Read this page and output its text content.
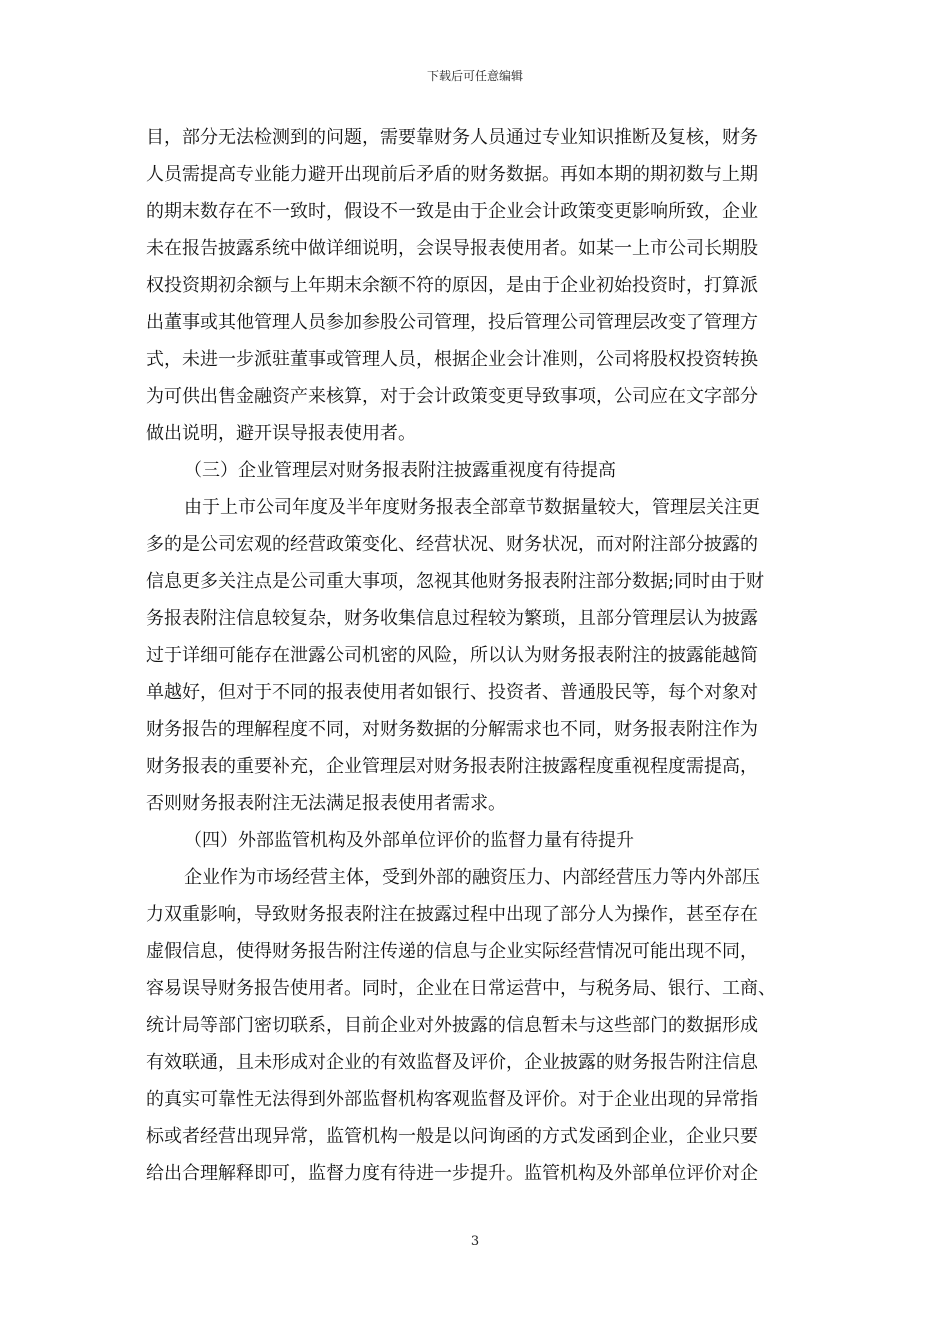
下载后可任意编辑
目，部分无法检测到的问题，需要靠财务人员通过专业知识推断及复核，财务
人员需提高专业能力避开出现前后矛盾的财务数据。再如本期的期初数与上期
的期末数存在不一致时，假设不一致是由于企业会计政策变更影响所致，企业
未在报告披露系统中做详细说明，会误导报表使用者。如某一上市公司长期股
权投资期初余额与上年期末余额不符的原因，是由于企业初始投资时，打算派
出董事或其他管理人员参加参股公司管理，投后管理公司管理层改变了管理方
式，未进一步派驻董事或管理人员，根据企业会计准则，公司将股权投资转换
为可供出售金融资产来核算，对于会计政策变更导致事项，公司应在文字部分
做出说明，避开误导报表使用者。
（三）企业管理层对财务报表附注披露重视度有待提高
由于上市公司年度及半年度财务报表全部章节数据量较大，管理层关注更
多的是公司宏观的经营政策变化、经营状况、财务状况，而对附注部分披露的
信息更多关注点是公司重大事项，忽视其他财务报表附注部分数据;同时由于财
务报表附注信息较复杂，财务收集信息过程较为繁琐，且部分管理层认为披露
过于详细可能存在泄露公司机密的风险，所以认为财务报表附注的披露能越简
单越好，但对于不同的报表使用者如银行、投资者、普通股民等，每个对象对
财务报告的理解程度不同，对财务数据的分解需求也不同，财务报表附注作为
财务报表的重要补充，企业管理层对财务报表附注披露程度重视程度需提高，
否则财务报表附注无法满足报表使用者需求。
（四）外部监管机构及外部单位评价的监督力量有待提升
企业作为市场经营主体，受到外部的融资压力、内部经营压力等内外部压
力双重影响，导致财务报表附注在披露过程中出现了部分人为操作，甚至存在
虚假信息，使得财务报告附注传递的信息与企业实际经营情况可能出现不同，
容易误导财务报告使用者。同时，企业在日常运营中，与税务局、银行、工商、
统计局等部门密切联系，目前企业对外披露的信息暂未与这些部门的数据形成
有效联通，且未形成对企业的有效监督及评价，企业披露的财务报告附注信息
的真实可靠性无法得到外部监督机构客观监督及评价。对于企业出现的异常指
标或者经营出现异常，监管机构一般是以问询函的方式发函到企业，企业只要
给出合理解释即可，监督力度有待进一步提升。监管机构及外部单位评价对企
3
